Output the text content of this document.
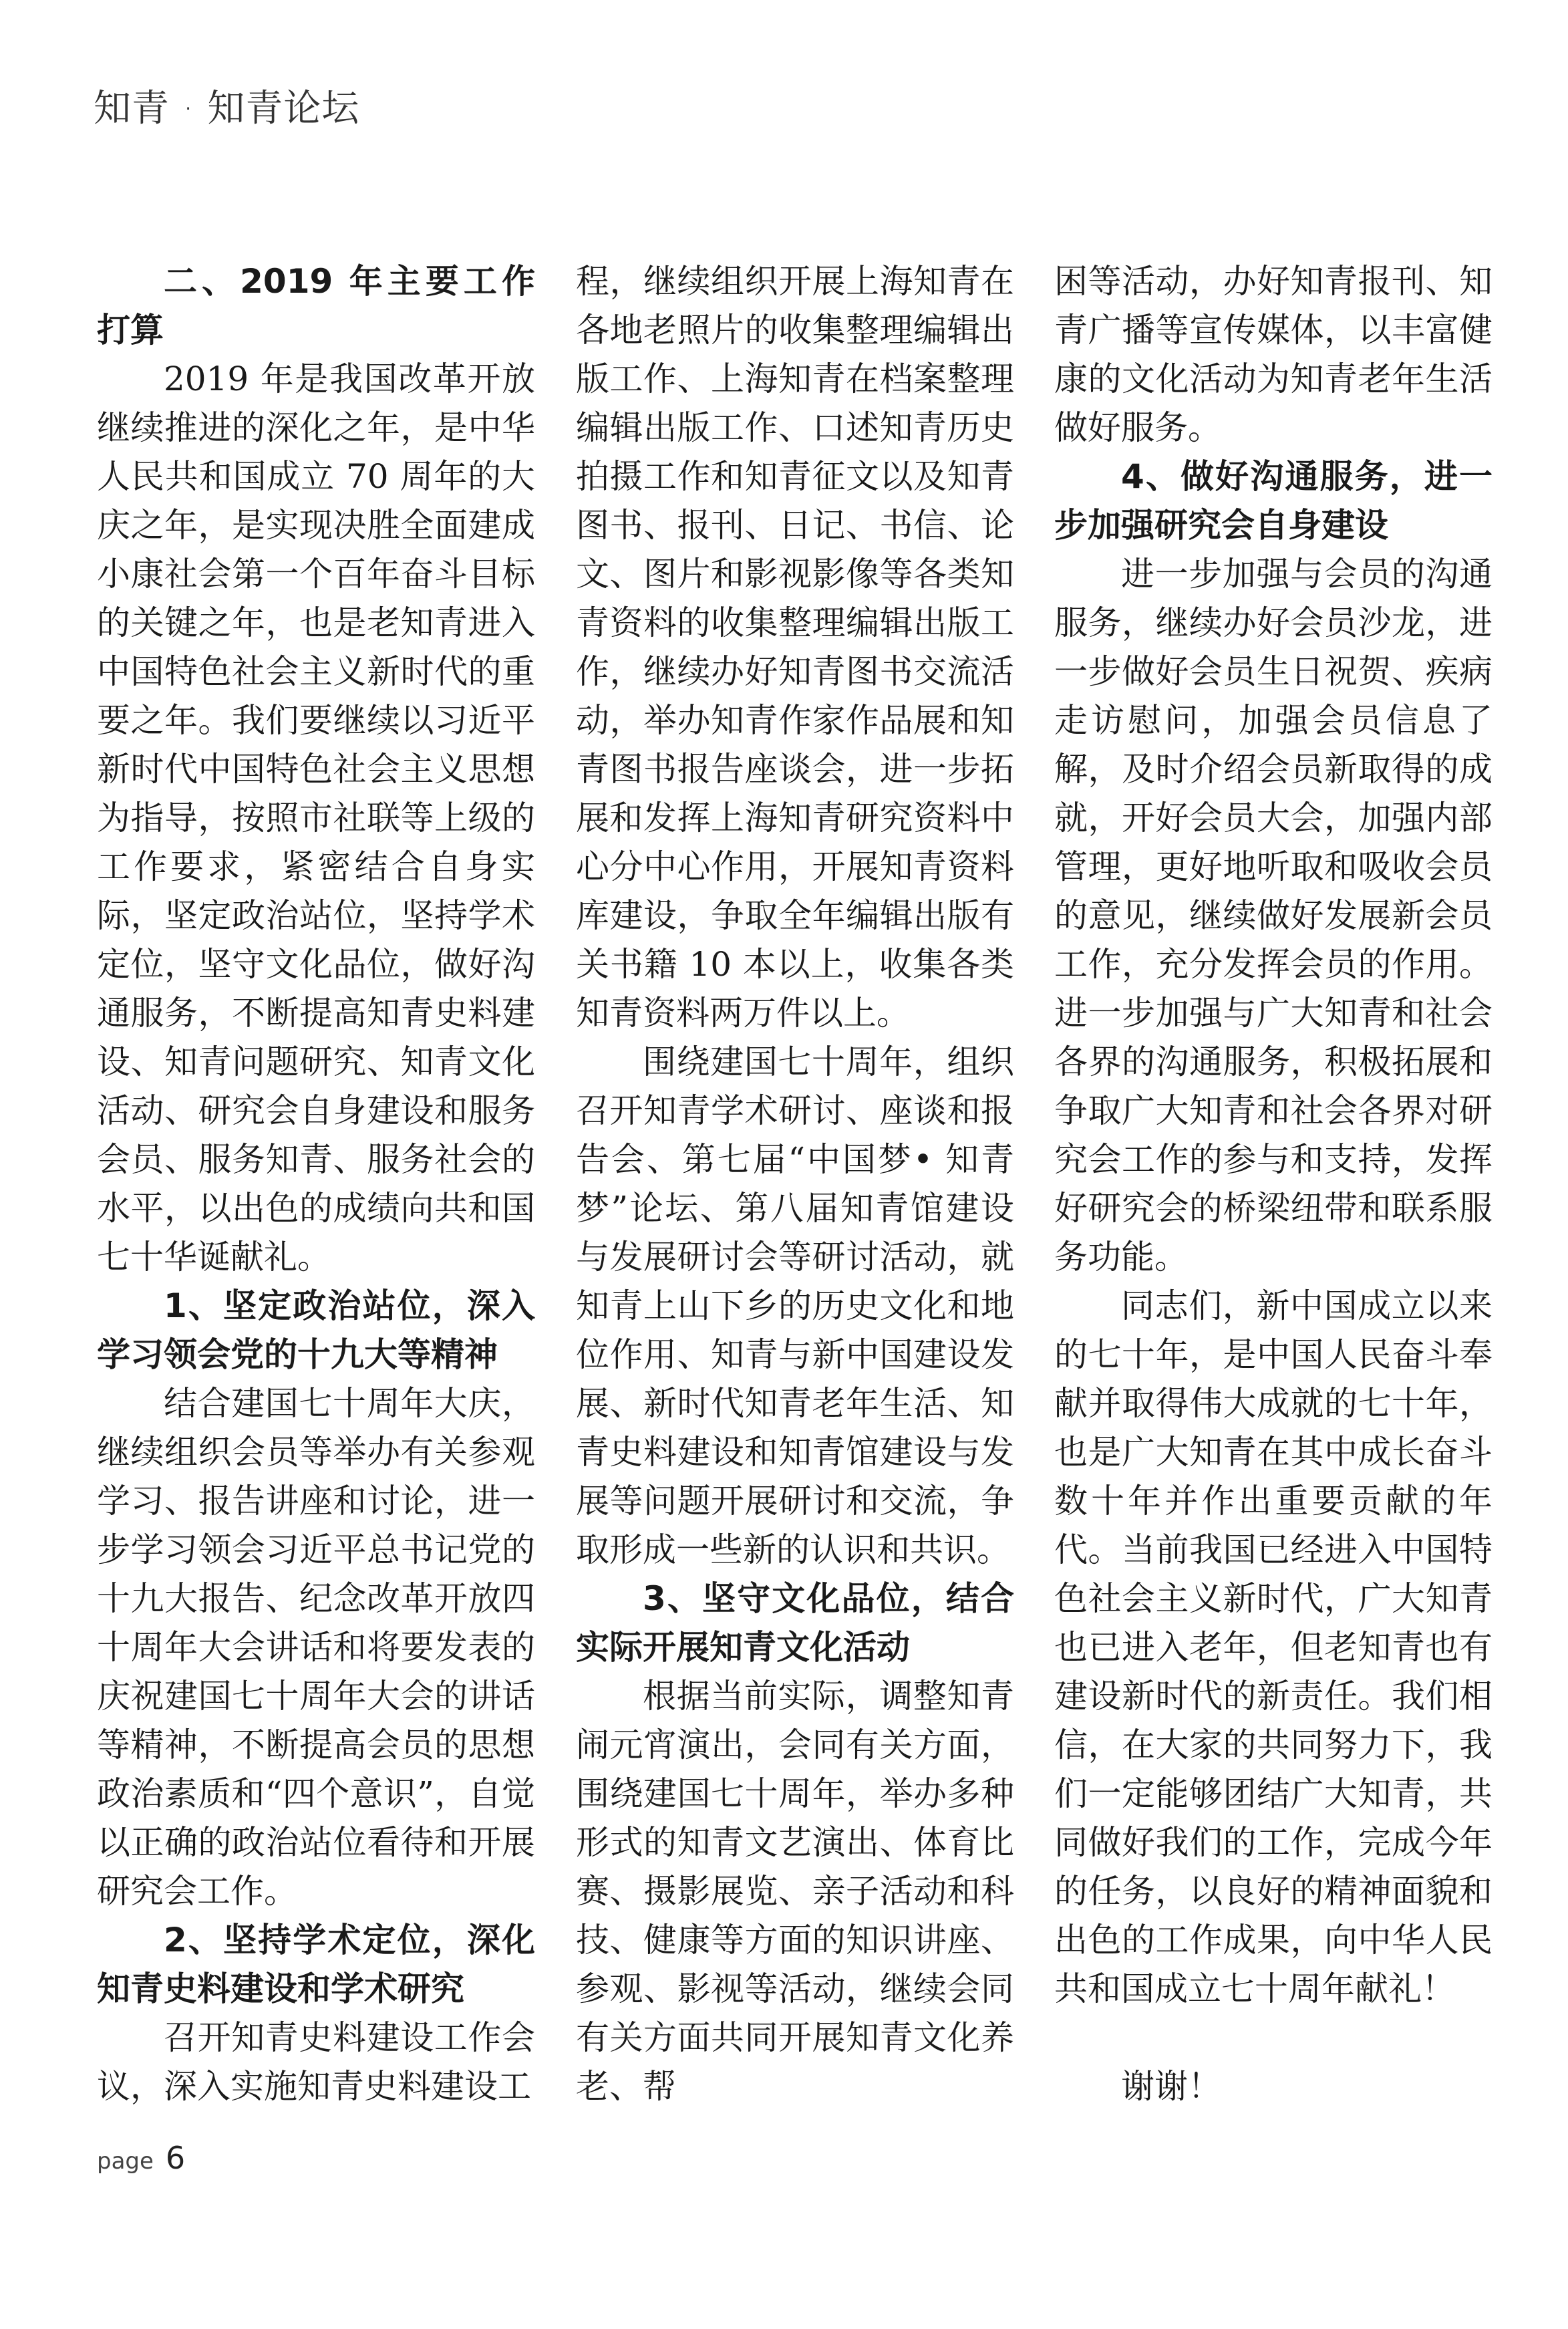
知青 · 知青论坛
二、2019 年主要工作打算

2019 年是我国改革开放继续推进的深化之年，是中华人民共和国成立 70 周年的大庆之年，是实现决胜全面建成小康社会第一个百年奋斗目标的关键之年，也是老知青进入中国特色社会主义新时代的重要之年。我们要继续以习近平新时代中国特色社会主义思想为指导，按照市社联等上级的工作要求，紧密结合自身实际，坚定政治站位，坚持学术定位，坚守文化品位，做好沟通服务，不断提高知青史料建设、知青问题研究、知青文化活动、研究会自身建设和服务会员、服务知青、服务社会的水平，以出色的成绩向共和国七十华诞献礼。

1、坚定政治站位，深入学习领会党的十九大等精神

结合建国七十周年大庆，继续组织会员等举办有关参观学习、报告讲座和讨论，进一步学习领会习近平总书记党的十九大报告、纪念改革开放四十周年大会讲话和将要发表的庆祝建国七十周年大会的讲话等精神，不断提高会员的思想政治素质和“四个意识”，自觉以正确的政治站位看待和开展研究会工作。

2、坚持学术定位，深化知青史料建设和学术研究

召开知青史料建设工作会议，深入实施知青史料建设工

程，继续组织开展上海知青在各地老照片的收集整理编辑出版工作、上海知青在档案整理编辑出版工作、口述知青历史拍摄工作和知青征文以及知青图书、报刊、日记、书信、论文、图片和影视影像等各类知青资料的收集整理编辑出版工作，继续办好知青图书交流活动，举办知青作家作品展和知青图书报告座谈会，进一步拓展和发挥上海知青研究资料中心分中心作用，开展知青资料库建设，争取全年编辑出版有关书籍 10 本以上，收集各类知青资料两万件以上。

围绕建国七十周年，组织召开知青学术研讨、座谈和报告会、第七届“中国梦• 知青梦”论坛、第八届知青馆建设与发展研讨会等研讨活动，就知青上山下乡的历史文化和地位作用、知青与新中国建设发展、新时代知青老年生活、知青史料建设和知青馆建设与发展等问题开展研讨和交流，争取形成一些新的认识和共识。

3、坚守文化品位，结合实际开展知青文化活动

根据当前实际，调整知青闹元宵演出，会同有关方面，围绕建国七十周年，举办多种形式的知青文艺演出、体育比赛、摄影展览、亲子活动和科技、健康等方面的知识讲座、参观、影视等活动，继续会同有关方面共同开展知青文化养老、帮

困等活动，办好知青报刊、知青广播等宣传媒体，以丰富健康的文化活动为知青老年生活做好服务。

4、做好沟通服务，进一步加强研究会自身建设

进一步加强与会员的沟通服务，继续办好会员沙龙，进一步做好会员生日祝贺、疾病走访慰问，加强会员信息了解，及时介绍会员新取得的成就，开好会员大会，加强内部管理，更好地听取和吸收会员的意见，继续做好发展新会员工作，充分发挥会员的作用。进一步加强与广大知青和社会各界的沟通服务，积极拓展和争取广大知青和社会各界对研究会工作的参与和支持，发挥好研究会的桥梁纽带和联系服务功能。

同志们，新中国成立以来的七十年，是中国人民奋斗奉献并取得伟大成就的七十年，也是广大知青在其中成长奋斗数十年并作出重要贡献的年代。当前我国已经进入中国特色社会主义新时代，广大知青也已进入老年，但老知青也有建设新时代的新责任。我们相信，在大家的共同努力下，我们一定能够团结广大知青，共同做好我们的工作，完成今年的任务，以良好的精神面貌和出色的工作成果，向中华人民共和国成立七十周年献礼！

谢谢！

page 6
